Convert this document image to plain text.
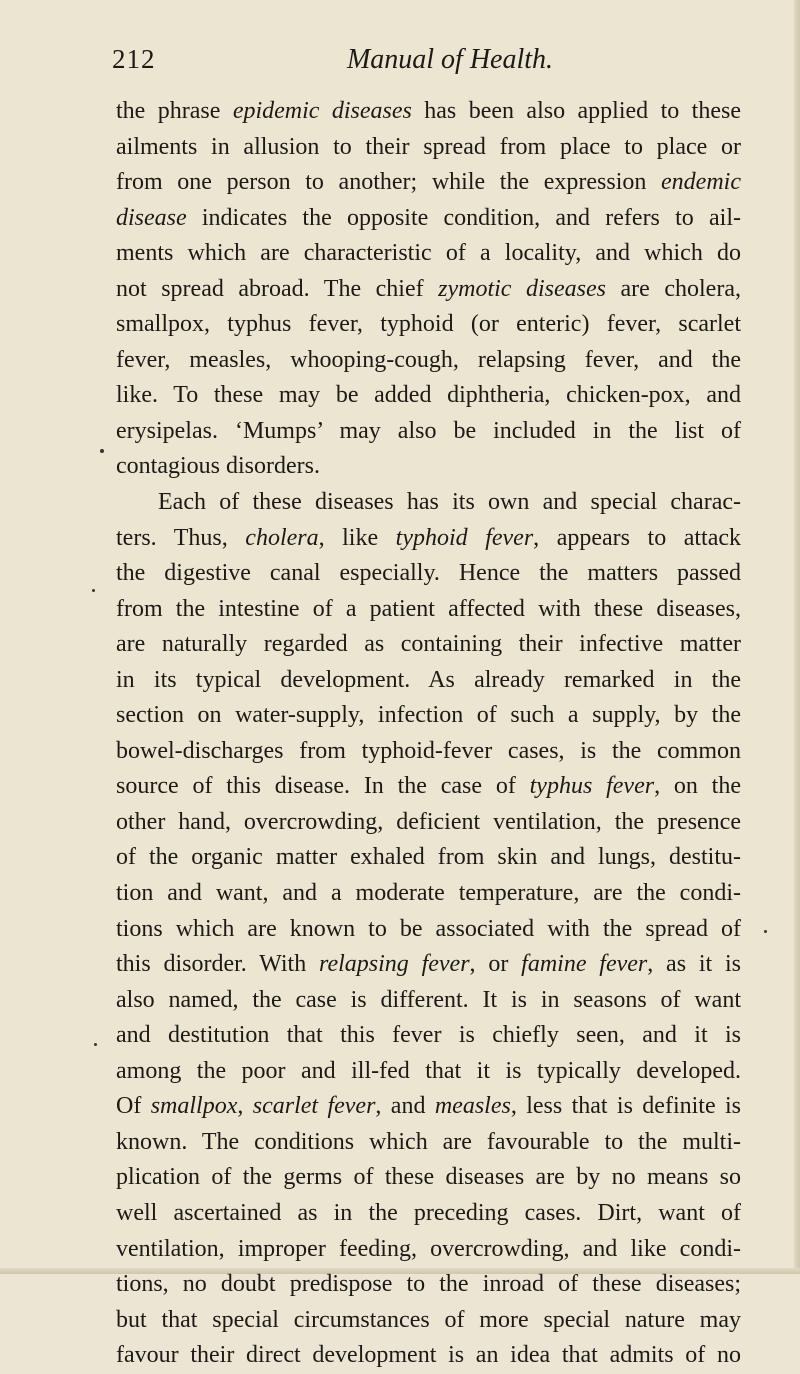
212	Manual of Health.
the phrase epidemic diseases has been also applied to these
ailments in allusion to their spread from place to place or
from one person to another; while the expression endemic
disease indicates the opposite condition, and refers to ail-
ments which are characteristic of a locality, and which do
not spread abroad. The chief zymotic diseases are cholera,
smallpox, typhus fever, typhoid (or enteric) fever, scarlet
fever, measles, whooping-cough, relapsing fever, and the
like. To these may be added diphtheria, chicken-pox, and
erysipelas. ‘Mumps’ may also be included in the list of
contagious disorders.
Each of these diseases has its own and special charac-
ters. Thus, cholera, like typhoid fever, appears to attack
the digestive canal especially. Hence the matters passed
from the intestine of a patient affected with these diseases,
are naturally regarded as containing their infective matter
in its typical development. As already remarked in the
section on water-supply, infection of such a supply, by the
bowel-discharges from typhoid-fever cases, is the common
source of this disease. In the case of typhus fever, on the
other hand, overcrowding, deficient ventilation, the presence
of the organic matter exhaled from skin and lungs, destitu-
tion and want, and a moderate temperature, are the condi-
tions which are known to be associated with the spread of
this disorder. With relapsing fever, or famine fever, as it is
also named, the case is different. It is in seasons of want
and destitution that this fever is chiefly seen, and it is
among the poor and ill-fed that it is typically developed.
Of smallpox, scarlet fever, and measles, less that is definite is
known. The conditions which are favourable to the multi-
plication of the germs of these diseases are by no means so
well ascertained as in the preceding cases. Dirt, want of
ventilation, improper feeding, overcrowding, and like condi-
tions, no doubt predispose to the inroad of these diseases;
but that special circumstances of more special nature may
favour their direct development is an idea that admits of no
